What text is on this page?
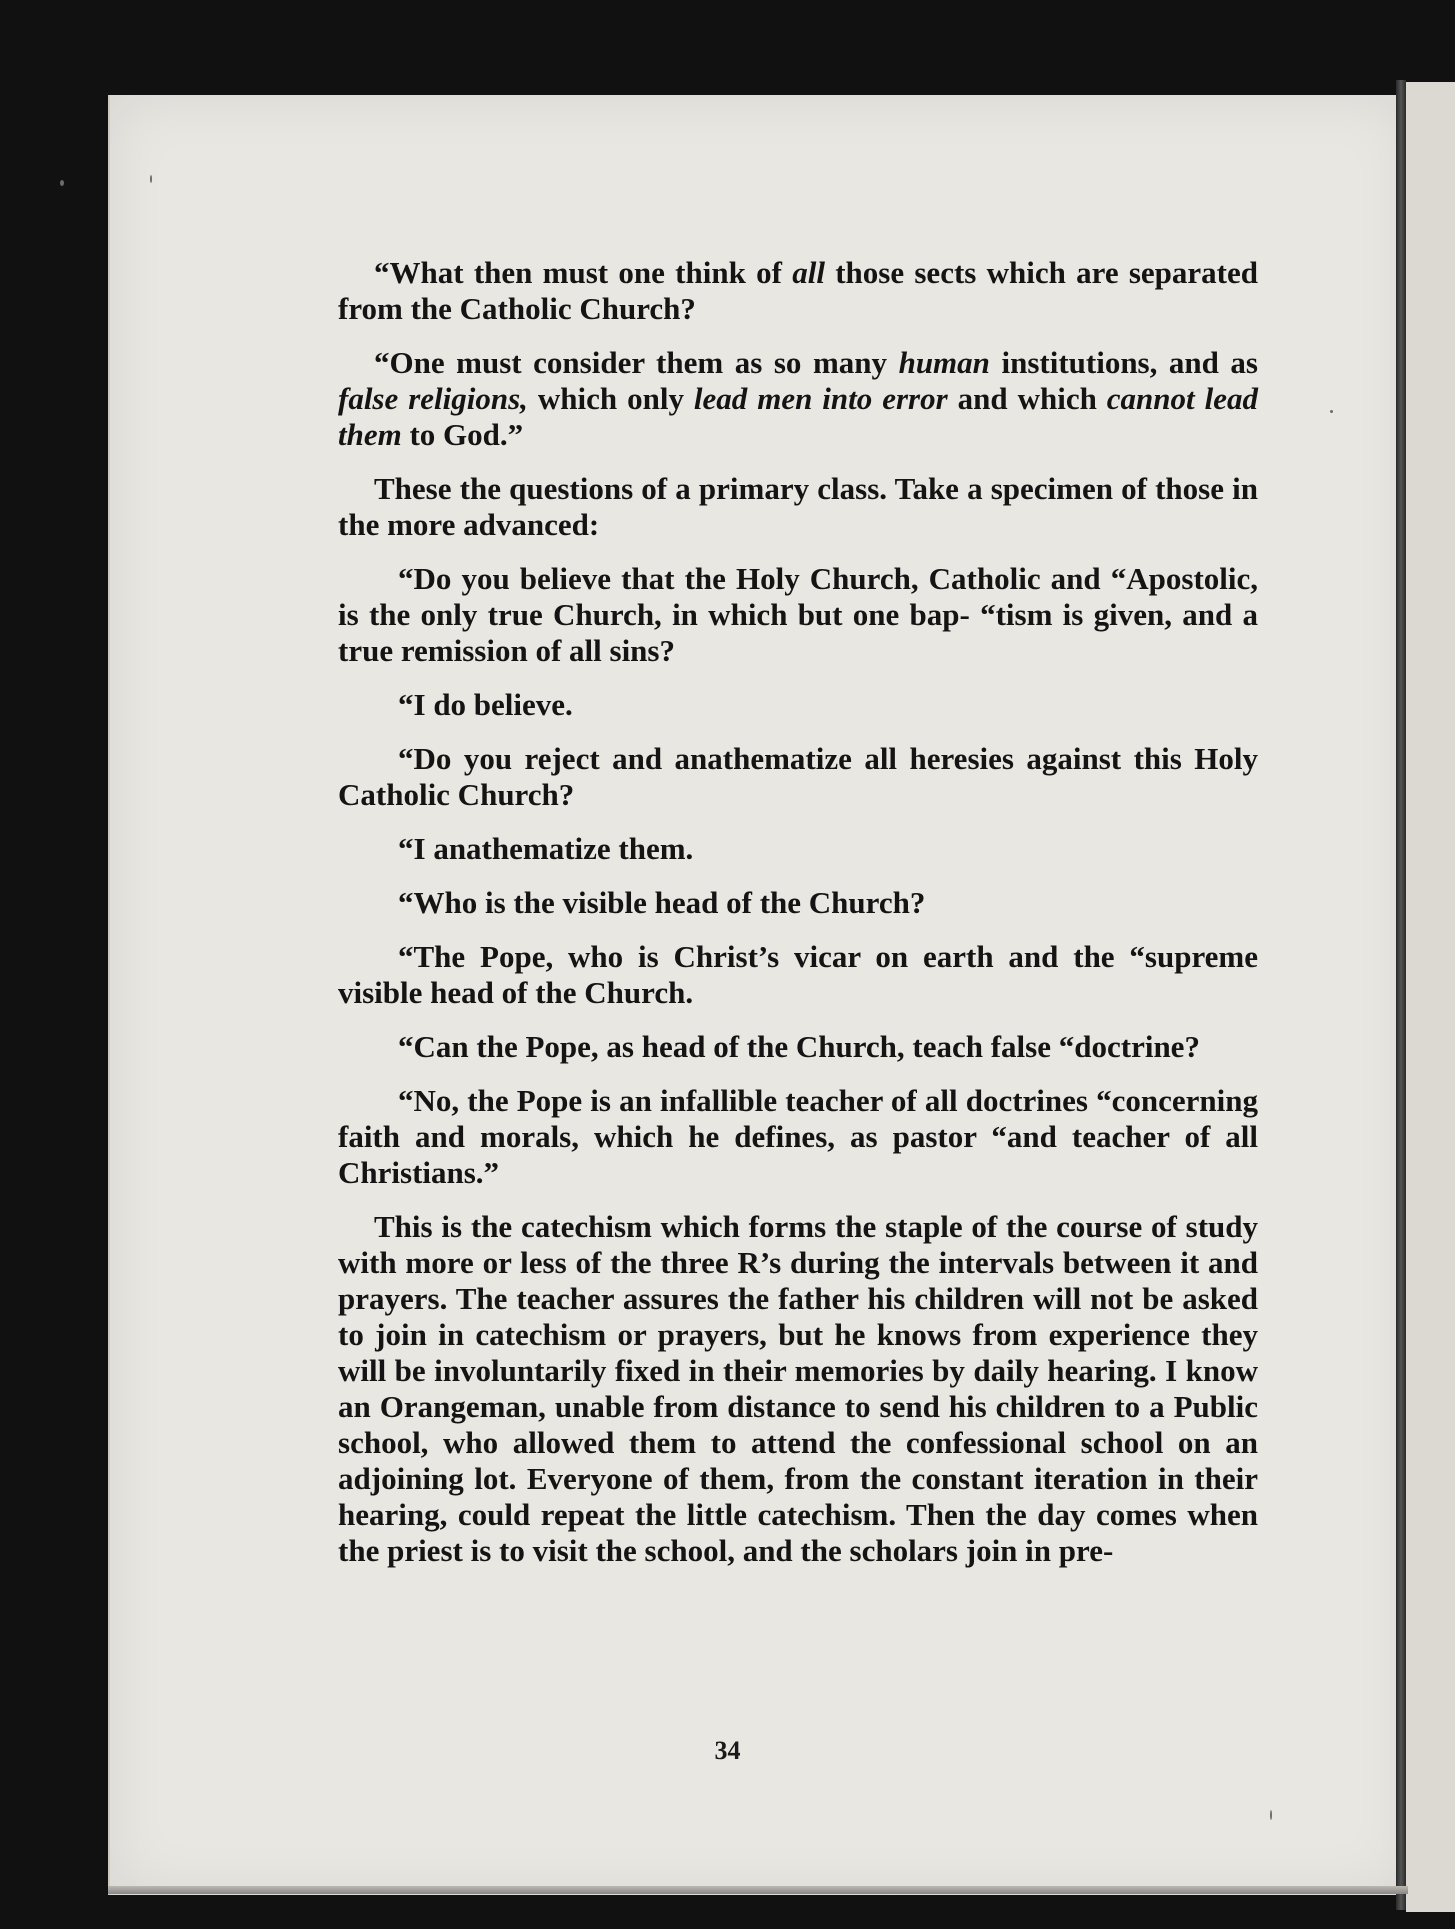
“What then must one think of all those sects which are separated from the Catholic Church?

“One must consider them as so many human institutions, and as false religions, which only lead men into error and which cannot lead them to God.”

These the questions of a primary class. Take a specimen of those in the more advanced:

“Do you believe that the Holy Church, Catholic and “Apostolic, is the only true Church, in which but one bap- “tism is given, and a true remission of all sins?

“I do believe.

“Do you reject and anathematize all heresies against this Holy Catholic Church?

“I anathematize them.

“Who is the visible head of the Church?

“The Pope, who is Christ’s vicar on earth and the “supreme visible head of the Church.

“Can the Pope, as head of the Church, teach false “doctrine?

“No, the Pope is an infallible teacher of all doctrines “concerning faith and morals, which he defines, as pastor “and teacher of all Christians.”

This is the catechism which forms the staple of the course of study with more or less of the three R’s during the intervals between it and prayers. The teacher assures the father his children will not be asked to join in catechism or prayers, but he knows from experience they will be involuntarily fixed in their memories by daily hearing. I know an Orangeman, unable from distance to send his children to a Public school, who allowed them to attend the confessional school on an adjoining lot. Everyone of them, from the constant iteration in their hearing, could repeat the little catechism. Then the day comes when the priest is to visit the school, and the scholars join in pre-

34
